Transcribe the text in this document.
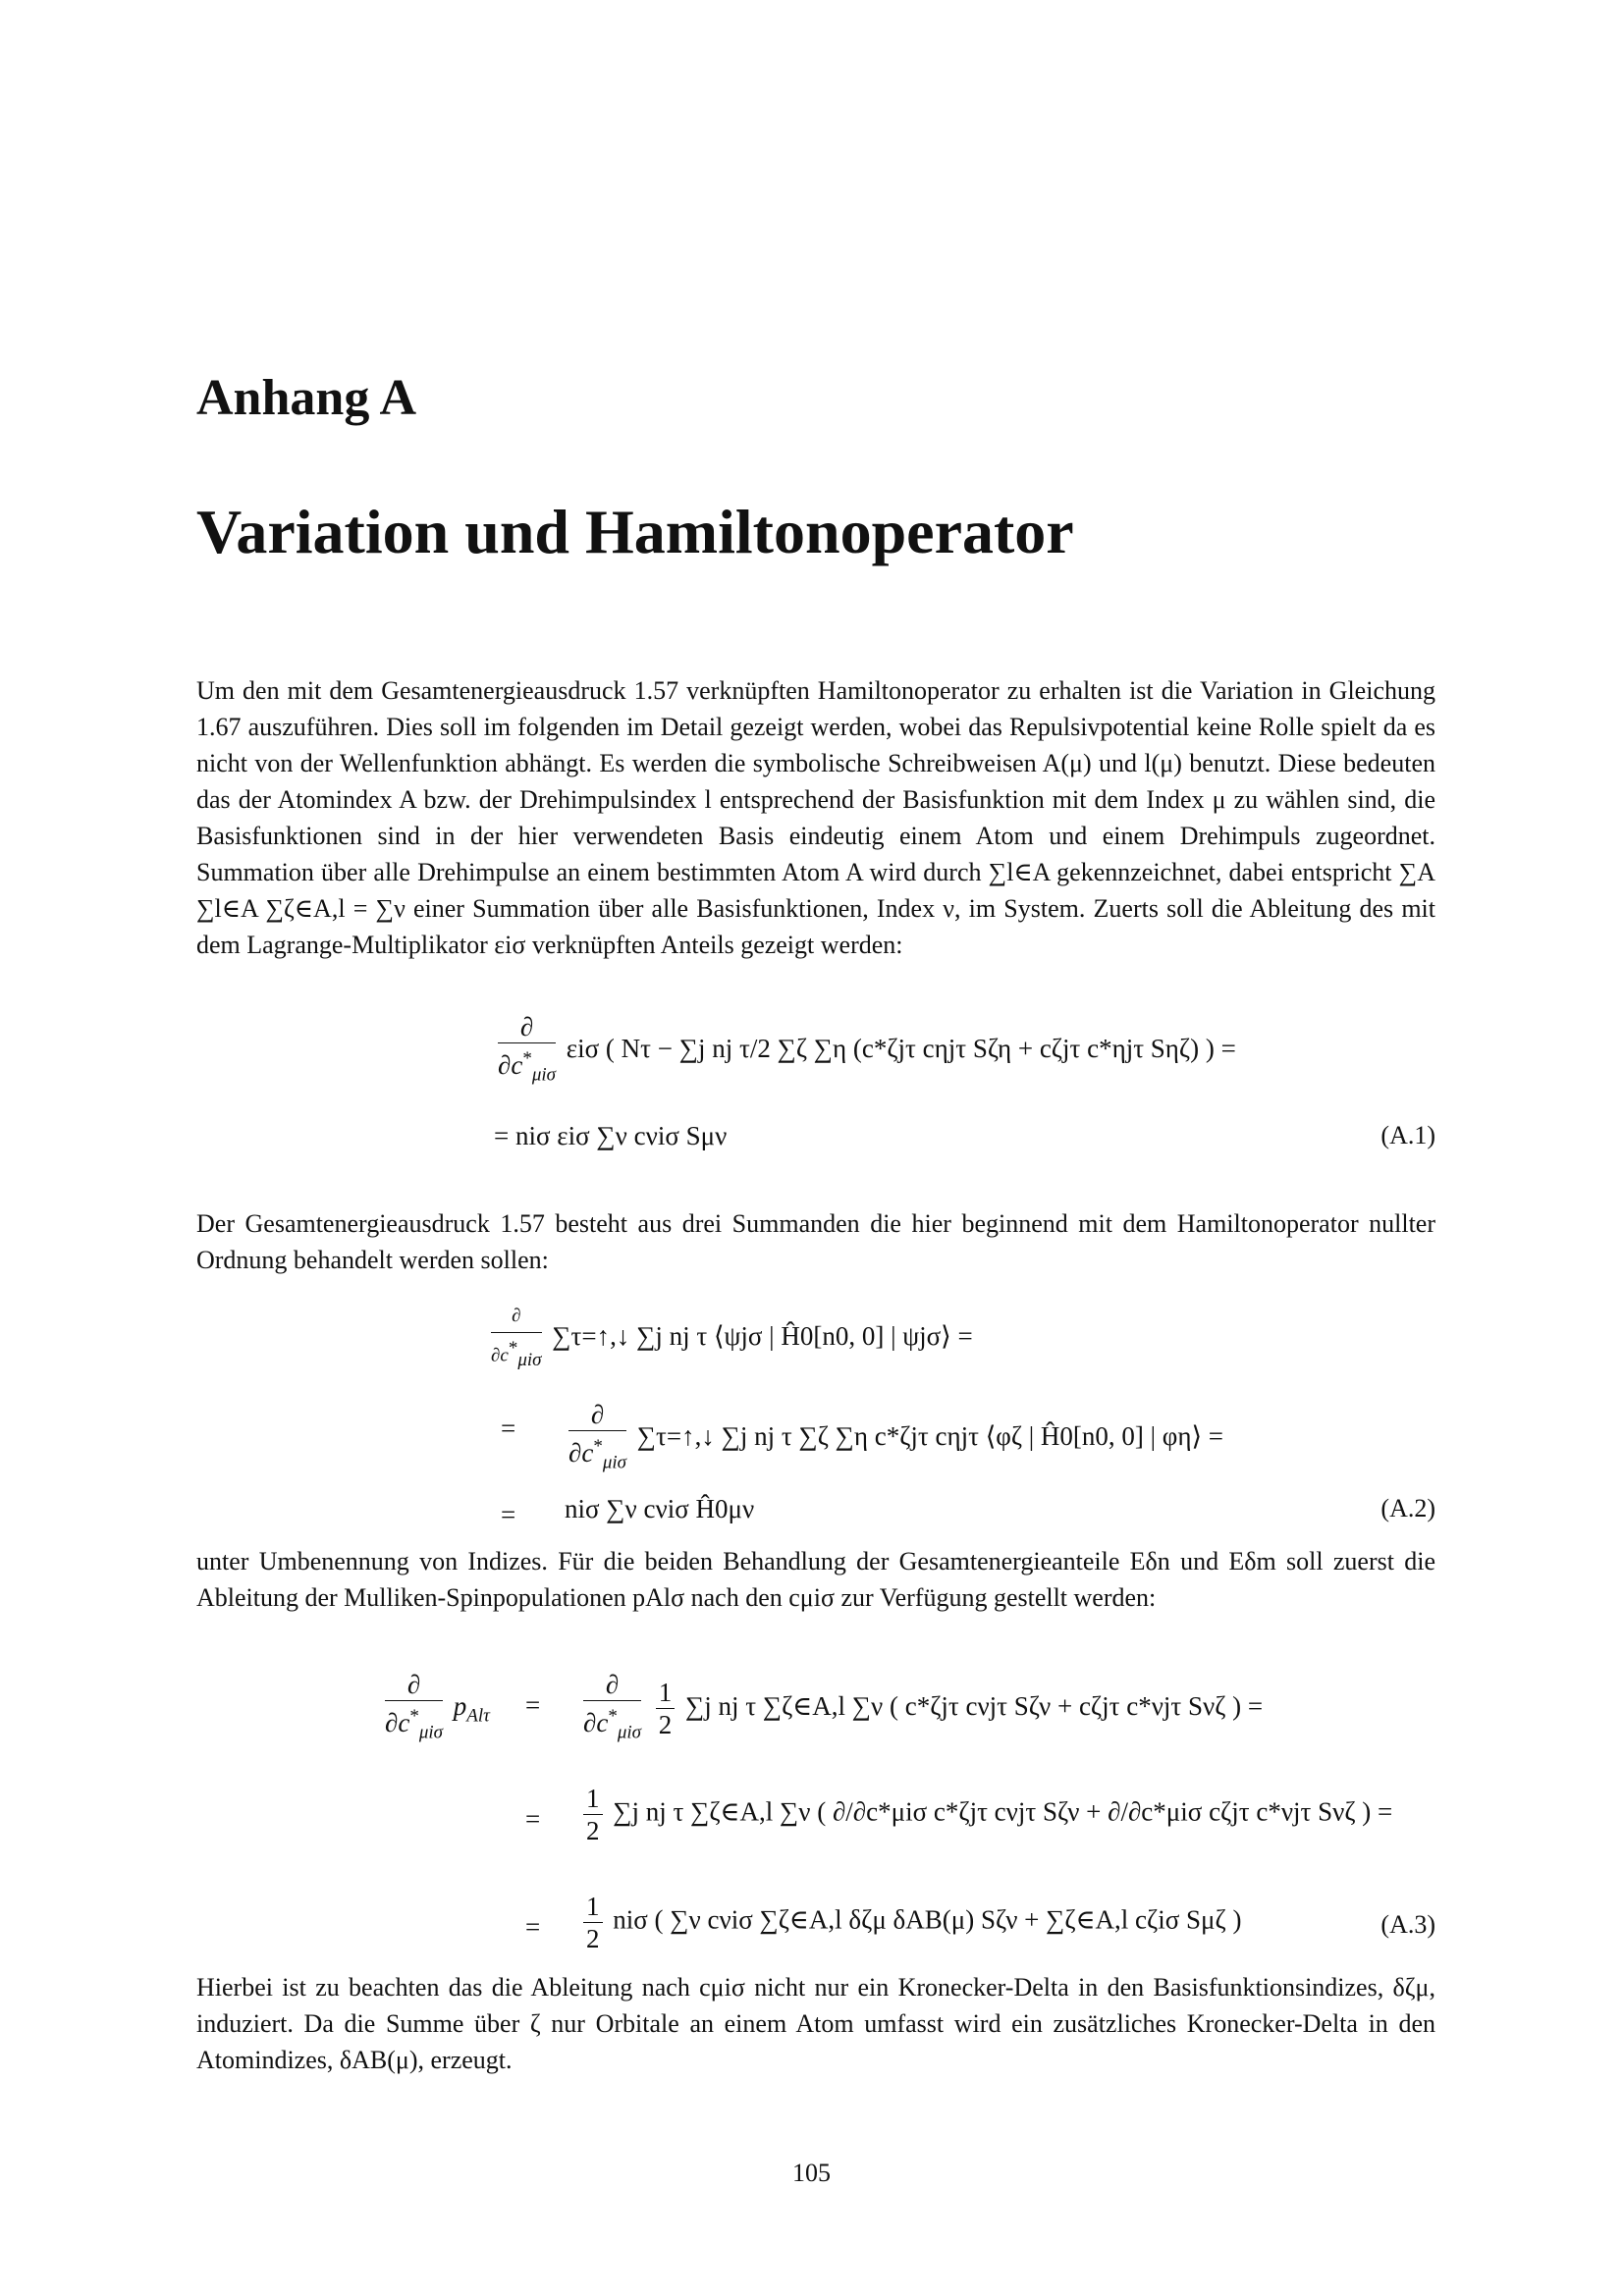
Anhang A
Variation und Hamiltonoperator
Um den mit dem Gesamtenergieausdruck 1.57 verknüpften Hamiltonoperator zu erhalten ist die Variation in Gleichung 1.67 auszuführen. Dies soll im folgenden im Detail gezeigt werden, wobei das Repulsivpotential keine Rolle spielt da es nicht von der Wellenfunktion abhängt. Es werden die symbolische Schreibweisen A(μ) und l(μ) benutzt. Diese bedeuten das der Atomindex A bzw. der Drehimpulsindex l entsprechend der Basisfunktion mit dem Index μ zu wählen sind, die Basisfunktionen sind in der hier verwendeten Basis eindeutig einem Atom und einem Drehimpuls zugeordnet. Summation über alle Drehimpulse an einem bestimmten Atom A wird durch ∑l∈A gekennzeichnet, dabei entspricht ∑A ∑l∈A ∑ζ∈A,l = ∑ν einer Summation über alle Basisfunktionen, Index ν, im System. Zuerts soll die Ableitung des mit dem Lagrange-Multiplikator εiσ verknüpften Anteils gezeigt werden:
$\frac{\partial}{\partial c^*_{\mu i\sigma}}$ εiσ ( Nτ − ∑j nj τ/2 ∑ζ ∑η (c*ζjτ cηjτ Sζη + cζjτ c*ηjτ Sηζ) ) =
= niσ εiσ ∑ν cνiσ Sμν	(A.1)
Der Gesamtenergieausdruck 1.57 besteht aus drei Summanden die hier beginnend mit dem Hamiltonoperator nullter Ordnung behandelt werden sollen:
$\frac{\partial}{\text{∂c*μiσ}}$ ∑τ=↑,↓ ∑j nj τ ⟨ψjσ | Ĥ0[n0, 0] | ψjσ⟩ =
= $\frac{\partial}{\partial c^*_{\mu i\sigma}}$ ∑τ=↑,↓ ∑j nj τ ∑ζ ∑η c*ζjτ cηjτ ⟨φζ | Ĥ0[n0, 0] | φη⟩ =
= niσ ∑ν cνiσ Ĥ0μν	(A.2)
unter Umbenennung von Indizes. Für die beiden Behandlung der Gesamtenergieanteile Eδn und Eδm soll zuerst die Ableitung der Mulliken-Spinpopulationen pAlσ nach den cμiσ zur Verfügung gestellt werden:
$\frac{\partial}{\partial c^*_{\mu i\sigma}} p_{Al\tau} = \frac{\partial}{\partial c^*_{\mu i\sigma}}$
$\frac{1}{2} \sum j$ nj τ ∑ζ∈A,l ∑ν ( c*ζjτ cνjτ Sζν + cζjτ c*νjτ Sνζ ) =
= $\frac{1}{2} \sum j$ nj τ ∑ζ∈A,l ∑ν ( ∂/∂c*μiσ c*ζjτ cνjτ Sζν + ∂/∂c*μiσ cζjτ c*νjτ Sνζ ) =
= $\frac{1}{2}$ niσ ( ∑ν cνiσ ∑ζ∈A,l δζμ δAB(μ) Sζν + ∑ζ∈A,l cζiσ Sμζ )	(A.3)
Hierbei ist zu beachten das die Ableitung nach cμiσ nicht nur ein Kronecker-Delta in den Basisfunktionsindizes, δζμ, induziert. Da die Summe über ζ nur Orbitale an einem Atom umfasst wird ein zusätzliches Kronecker-Delta in den Atomindizes, δAB(μ), erzeugt.
105
